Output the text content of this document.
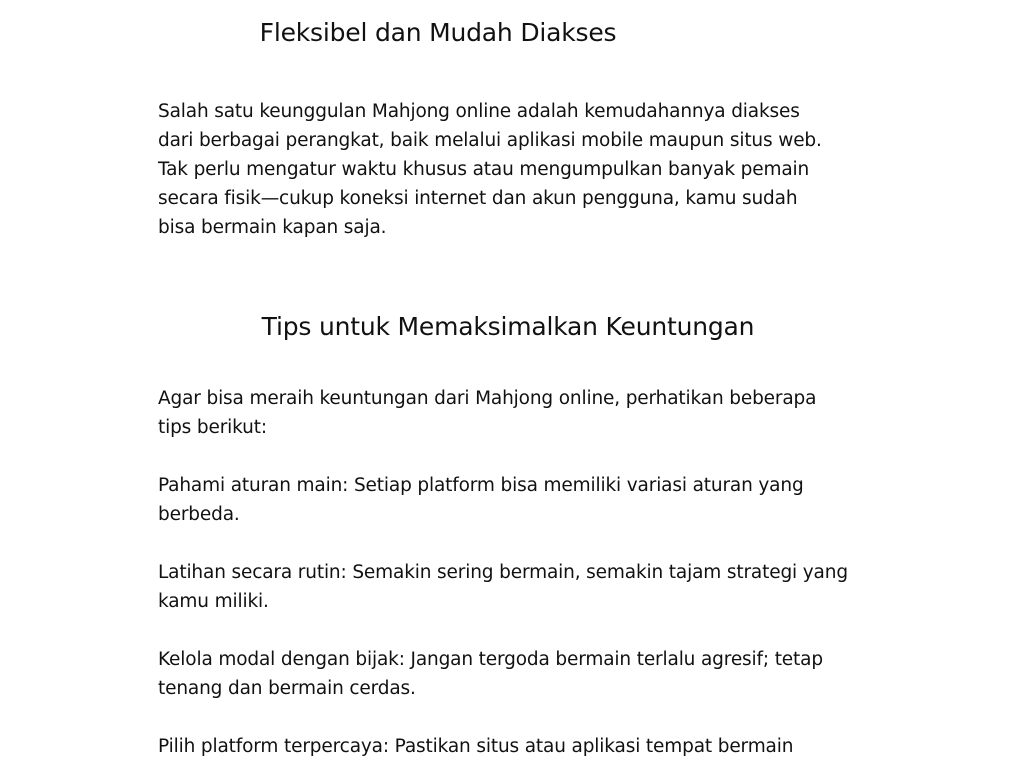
Fleksibel dan Mudah Diakses

Salah satu keunggulan Mahjong online adalah kemudahannya diakses dari berbagai perangkat, baik melalui aplikasi mobile maupun situs web. Tak perlu mengatur waktu khusus atau mengumpulkan banyak pemain secara fisik—cukup koneksi internet dan akun pengguna, kamu sudah bisa bermain kapan saja.

Tips untuk Memaksimalkan Keuntungan

Agar bisa meraih keuntungan dari Mahjong online, perhatikan beberapa tips berikut:

Pahami aturan main: Setiap platform bisa memiliki variasi aturan yang berbeda.

Latihan secara rutin: Semakin sering bermain, semakin tajam strategi yang kamu miliki.

Kelola modal dengan bijak: Jangan tergoda bermain terlalu agresif; tetap tenang dan bermain cerdas.

Pilih platform terpercaya: Pastikan situs atau aplikasi tempat bermain
